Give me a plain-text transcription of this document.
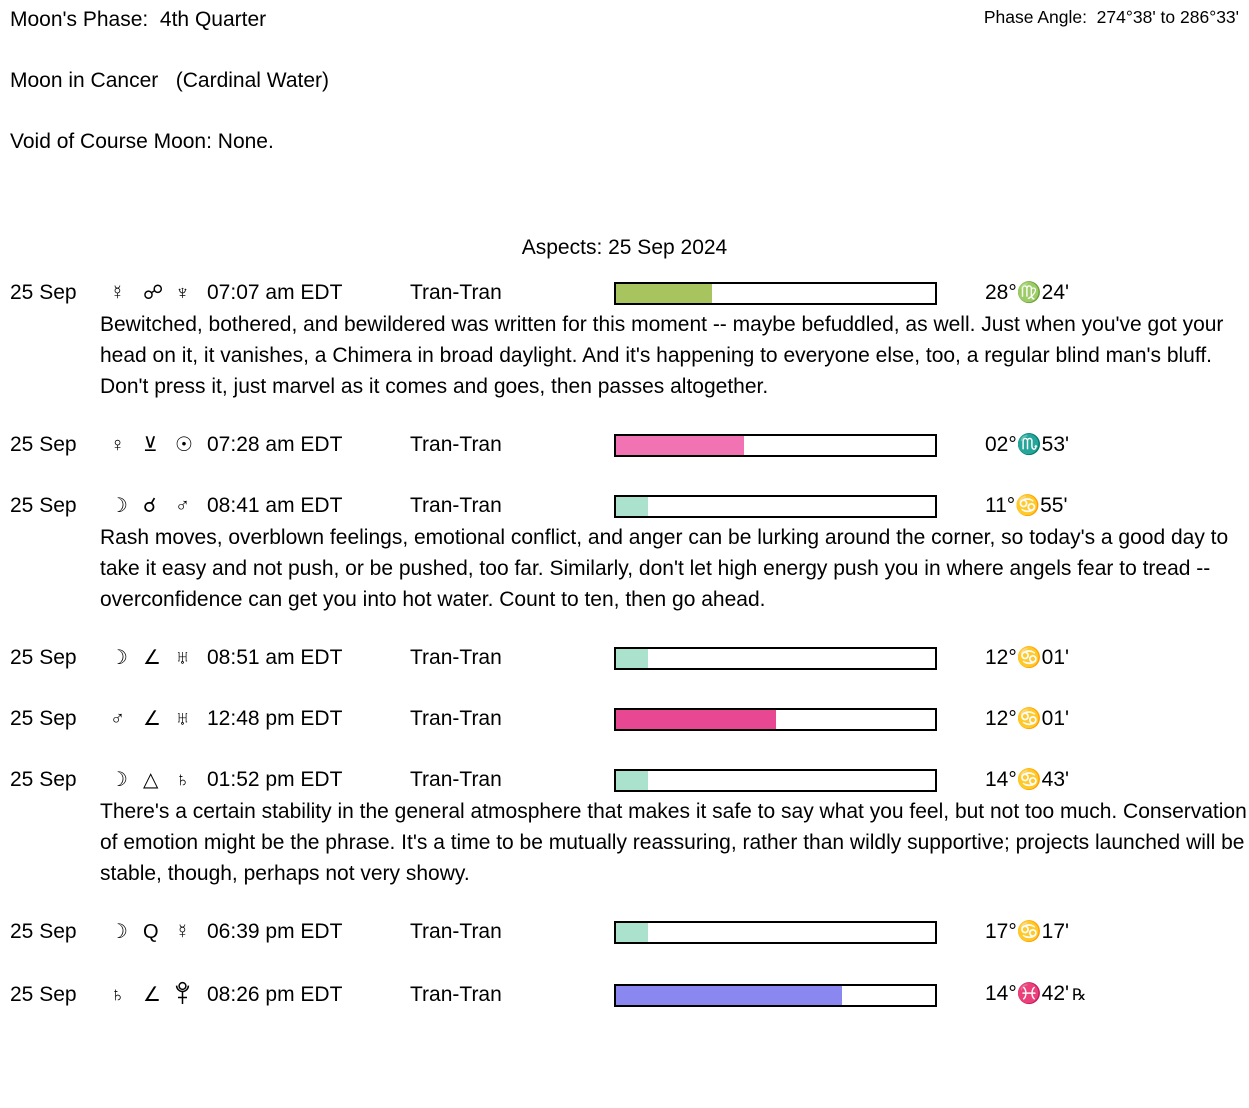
Moon's Phase:  4th Quarter
Moon in Cancer   (Cardinal Water)
Void of Course Moon: None.
Phase Angle:  274°38' to 286°33'
Aspects: 25 Sep 2024
25 Sep	☿ ☍ ♆ 07:07 am EDT	Tran-Tran	28° ♍ 24'

Bewitched, bothered, and bewildered was written for this moment -- maybe befuddled, as well. Just when you've got your head on it, it vanishes, a Chimera in broad daylight. And it's happening to everyone else, too, a regular blind man's bluff. Don't press it, just marvel as it comes and goes, then passes altogether.

25 Sep	♀ ⊻ ☉ 07:28 am EDT	Tran-Tran	02° ♏ 53'
25 Sep	☽ ☌ ♂ 08:41 am EDT	Tran-Tran	11° ♋ 55'

Rash moves, overblown feelings, emotional conflict, and anger can be lurking around the corner, so today's a good day to take it easy and not push, or be pushed, too far. Similarly, don't let high energy push you in where angels fear to tread -- overconfidence can get you into hot water. Count to ten, then go ahead.

25 Sep	☽ ∠ ♅ 08:51 am EDT	Tran-Tran	12° ♋ 01'
25 Sep	♂ ∠ ♅ 12:48 pm EDT	Tran-Tran	12° ♋ 01'
25 Sep	☽ △ ♄ 01:52 pm EDT	Tran-Tran	14° ♋ 43'

There's a certain stability in the general atmosphere that makes it safe to say what you feel, but not too much. Conservation of emotion might be the phrase. It's a time to be mutually reassuring, rather than wildly supportive; projects launched will be stable, though, perhaps not very showy.

25 Sep	☽ Q ☿ 06:39 pm EDT	Tran-Tran	17° ♋ 17'
25 Sep	♄ ∠	08:26 pm EDT	Tran-Tran	14° ♓ 42' ℞
